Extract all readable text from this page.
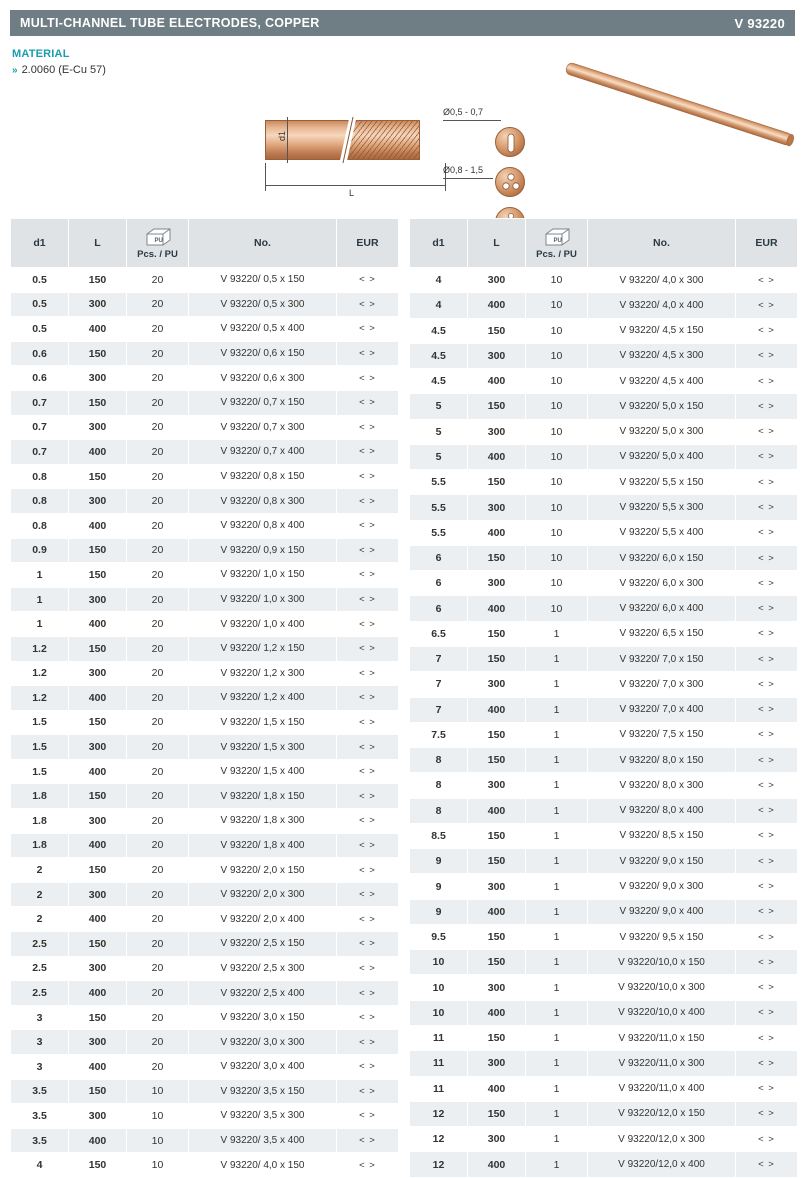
MULTI-CHANNEL TUBE ELECTRODES, COPPER	V 93220
MATERIAL
» 2.0060 (E-Cu 57)
d1
L
Ø0,5 - 0,7
Ø0,8 - 1,5
d1	L	PU
Pcs. / PU	No.	EUR
0.5	150	20	V 93220/ 0,5 x 150	< >
0.5	300	20	V 93220/ 0,5 x 300	< >
0.5	400	20	V 93220/ 0,5 x 400	< >
0.6	150	20	V 93220/ 0,6 x 150	< >
0.6	300	20	V 93220/ 0,6 x 300	< >
0.7	150	20	V 93220/ 0,7 x 150	< >
0.7	300	20	V 93220/ 0,7 x 300	< >
0.7	400	20	V 93220/ 0,7 x 400	< >
0.8	150	20	V 93220/ 0,8 x 150	< >
0.8	300	20	V 93220/ 0,8 x 300	< >
0.8	400	20	V 93220/ 0,8 x 400	< >
0.9	150	20	V 93220/ 0,9 x 150	< >
1	150	20	V 93220/ 1,0 x 150	< >
1	300	20	V 93220/ 1,0 x 300	< >
1	400	20	V 93220/ 1,0 x 400	< >
1.2	150	20	V 93220/ 1,2 x 150	< >
1.2	300	20	V 93220/ 1,2 x 300	< >
1.2	400	20	V 93220/ 1,2 x 400	< >
1.5	150	20	V 93220/ 1,5 x 150	< >
1.5	300	20	V 93220/ 1,5 x 300	< >
1.5	400	20	V 93220/ 1,5 x 400	< >
1.8	150	20	V 93220/ 1,8 x 150	< >
1.8	300	20	V 93220/ 1,8 x 300	< >
1.8	400	20	V 93220/ 1,8 x 400	< >
2	150	20	V 93220/ 2,0 x 150	< >
2	300	20	V 93220/ 2,0 x 300	< >
2	400	20	V 93220/ 2,0 x 400	< >
2.5	150	20	V 93220/ 2,5 x 150	< >
2.5	300	20	V 93220/ 2,5 x 300	< >
2.5	400	20	V 93220/ 2,5 x 400	< >
3	150	20	V 93220/ 3,0 x 150	< >
3	300	20	V 93220/ 3,0 x 300	< >
3	400	20	V 93220/ 3,0 x 400	< >
3.5	150	10	V 93220/ 3,5 x 150	< >
3.5	300	10	V 93220/ 3,5 x 300	< >
3.5	400	10	V 93220/ 3,5 x 400	< >
4	150	10	V 93220/ 4,0 x 150	< >
d1	L	PU
Pcs. / PU	No.	EUR
4	300	10	V 93220/ 4,0 x 300	< >
4	400	10	V 93220/ 4,0 x 400	< >
4.5	150	10	V 93220/ 4,5 x 150	< >
4.5	300	10	V 93220/ 4,5 x 300	< >
4.5	400	10	V 93220/ 4,5 x 400	< >
5	150	10	V 93220/ 5,0 x 150	< >
5	300	10	V 93220/ 5,0 x 300	< >
5	400	10	V 93220/ 5,0 x 400	< >
5.5	150	10	V 93220/ 5,5 x 150	< >
5.5	300	10	V 93220/ 5,5 x 300	< >
5.5	400	10	V 93220/ 5,5 x 400	< >
6	150	10	V 93220/ 6,0 x 150	< >
6	300	10	V 93220/ 6,0 x 300	< >
6	400	10	V 93220/ 6,0 x 400	< >
6.5	150	1	V 93220/ 6,5 x 150	< >
7	150	1	V 93220/ 7,0 x 150	< >
7	300	1	V 93220/ 7,0 x 300	< >
7	400	1	V 93220/ 7,0 x 400	< >
7.5	150	1	V 93220/ 7,5 x 150	< >
8	150	1	V 93220/ 8,0 x 150	< >
8	300	1	V 93220/ 8,0 x 300	< >
8	400	1	V 93220/ 8,0 x 400	< >
8.5	150	1	V 93220/ 8,5 x 150	< >
9	150	1	V 93220/ 9,0 x 150	< >
9	300	1	V 93220/ 9,0 x 300	< >
9	400	1	V 93220/ 9,0 x 400	< >
9.5	150	1	V 93220/ 9,5 x 150	< >
10	150	1	V 93220/10,0 x 150	< >
10	300	1	V 93220/10,0 x 300	< >
10	400	1	V 93220/10,0 x 400	< >
11	150	1	V 93220/11,0 x 150	< >
11	300	1	V 93220/11,0 x 300	< >
11	400	1	V 93220/11,0 x 400	< >
12	150	1	V 93220/12,0 x 150	< >
12	300	1	V 93220/12,0 x 300	< >
12	400	1	V 93220/12,0 x 400	< >
